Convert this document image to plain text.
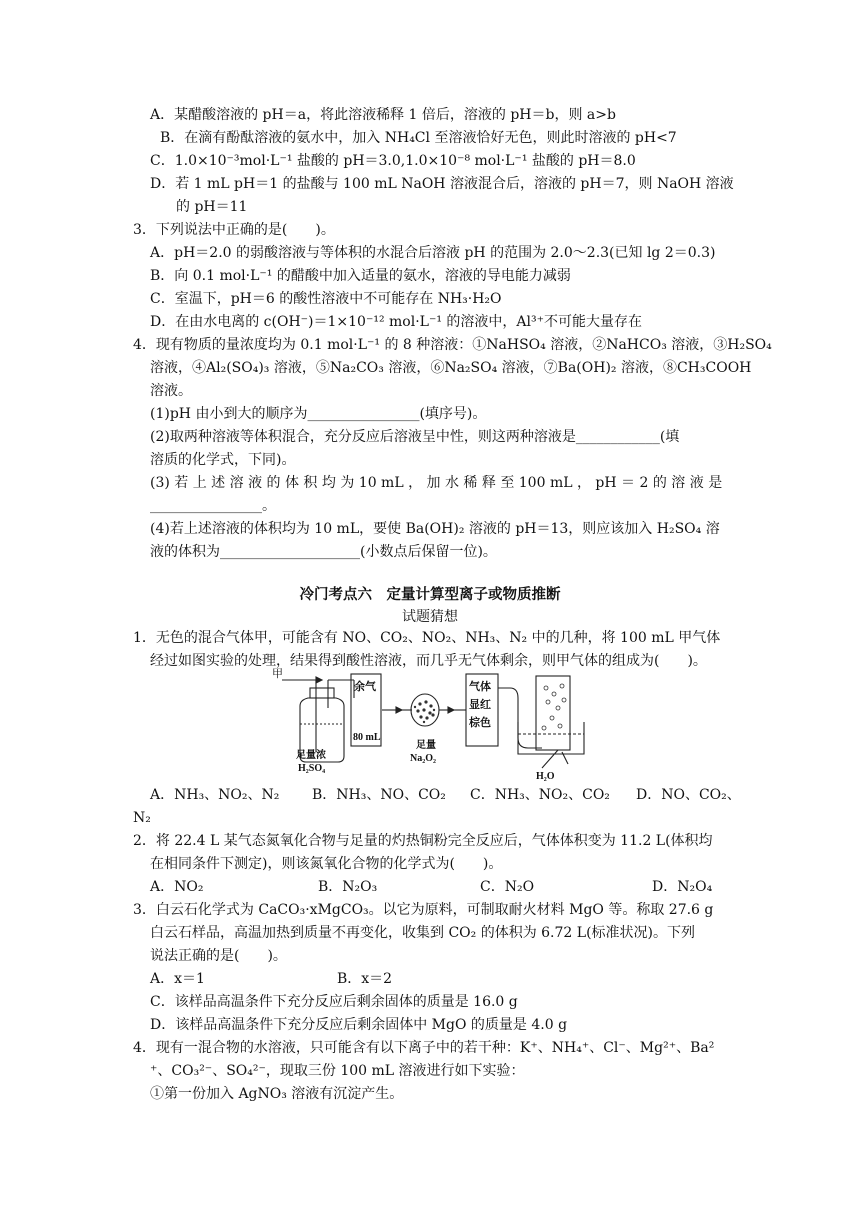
A．某醋酸溶液的 pH＝a，将此溶液稀释 1 倍后，溶液的 pH＝b，则 a>b
B．在滴有酚酞溶液的氨水中，加入 NH₄Cl 至溶液恰好无色，则此时溶液的 pH<7
C．1.0×10⁻³mol·L⁻¹ 盐酸的 pH＝3.0,1.0×10⁻⁸ mol·L⁻¹ 盐酸的 pH＝8.0
D．若 1 mL pH＝1 的盐酸与 100 mL NaOH 溶液混合后，溶液的 pH＝7，则 NaOH 溶液
的 pH＝11
3．下列说法中正确的是(　　)。
A．pH＝2.0 的弱酸溶液与等体积的水混合后溶液 pH 的范围为 2.0～2.3(已知 lg 2＝0.3)
B．向 0.1 mol·L⁻¹ 的醋酸中加入适量的氨水，溶液的导电能力减弱
C．室温下，pH＝6 的酸性溶液中不可能存在 NH₃·H₂O
D．在由水电离的 c(OH⁻)＝1×10⁻¹² mol·L⁻¹ 的溶液中，Al³⁺不可能大量存在
4．现有物质的量浓度均为 0.1 mol·L⁻¹ 的 8 种溶液：①NaHSO₄ 溶液，②NaHCO₃ 溶液，③H₂SO₄
溶液，④Al₂(SO₄)₃ 溶液，⑤Na₂CO₃ 溶液，⑥Na₂SO₄ 溶液，⑦Ba(OH)₂ 溶液，⑧CH₃COOH
溶液。
(1)pH 由小到大的顺序为________________(填序号)。
(2)取两种溶液等体积混合，充分反应后溶液呈中性，则这两种溶液是____________(填
溶质的化学式，下同)。
(3) 若 上 述 溶 液 的 体 积 均 为 10 mL ， 加 水 稀 释 至 100 mL ， pH ＝ 2 的 溶 液 是
________________。
(4)若上述溶液的体积均为 10 mL，要使 Ba(OH)₂ 溶液的 pH＝13，则应该加入 H₂SO₄ 溶
液的体积为____________________(小数点后保留一位)。
冷门考点六　定量计算型离子或物质推断
试题猜想
1．无色的混合气体甲，可能含有 NO、CO₂、NO₂、NH₃、N₂ 中的几种，将 100 mL 甲气体
经过如图实验的处理，结果得到酸性溶液，而几乎无气体剩余，则甲气体的组成为(　　)。
甲
足量浓
H₂SO₄
余气
80 mL
足量
Na₂O₂
气体
显红
棕色
H₂O
A．NH₃、NO₂、N₂ B．NH₃、NO、CO₂ C．NH₃、NO₂、CO₂ D．NO、CO₂、
N₂
2．将 22.4 L 某气态氮氧化合物与足量的灼热铜粉完全反应后，气体体积变为 11.2 L(体积均
在相同条件下测定)，则该氮氧化合物的化学式为(　　)。
A．NO₂	B．N₂O₃	C．N₂O	D．N₂O₄
3．白云石化学式为 CaCO₃·xMgCO₃。以它为原料，可制取耐火材料 MgO 等。称取 27.6 g
白云石样品，高温加热到质量不再变化，收集到 CO₂ 的体积为 6.72 L(标准状况)。下列
说法正确的是(　　)。
A．x＝1	B．x＝2
C．该样品高温条件下充分反应后剩余固体的质量是 16.0 g
D．该样品高温条件下充分反应后剩余固体中 MgO 的质量是 4.0 g
4．现有一混合物的水溶液，只可能含有以下离子中的若干种：K⁺、NH₄⁺、Cl⁻、Mg²⁺、Ba²
⁺、CO₃²⁻、SO₄²⁻，现取三份 100 mL 溶液进行如下实验：
①第一份加入 AgNO₃ 溶液有沉淀产生。
